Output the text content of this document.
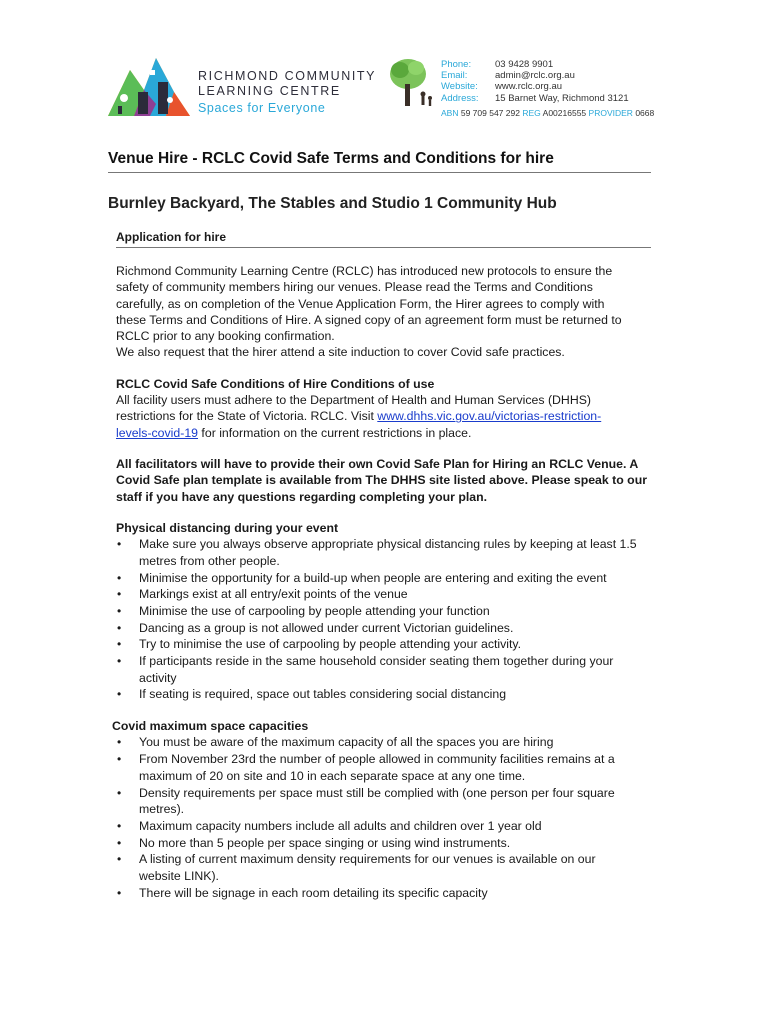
RICHMOND COMMUNITY
LEARNING CENTRE
Spaces for Everyone
Phone:	03 9428 9901
Email:	admin@rclc.org.au
Website:	www.rclc.org.au
Address:	15 Barnet Way, Richmond 3121
ABN 59 709 547 292 REG A00216555 PROVIDER 0668
Venue Hire - RCLC Covid Safe Terms and Conditions for hire
Burnley Backyard, The Stables and Studio 1 Community Hub
Application for hire

Richmond Community Learning Centre (RCLC) has introduced new protocols to ensure the

safety of community members hiring our venues. Please read the Terms and Conditions

carefully, as on completion of the Venue Application Form, the Hirer agrees to comply with

these Terms and Conditions of Hire. A signed copy of an agreement form must be returned to

RCLC prior to any booking confirmation.

We also request that the hirer attend a site induction to cover Covid safe practices.

RCLC Covid Safe Conditions of Hire Conditions of use

All facility users must adhere to the Department of Health and Human Services (DHHS)

restrictions for the State of Victoria. RCLC. Visit www.dhhs.vic.gov.au/victorias-restriction-

levels-covid-19 for information on the current restrictions in place.

All facilitators will have to provide their own Covid Safe Plan for Hiring an RCLC Venue. A

Covid Safe plan template is available from The DHHS site listed above. Please speak to our

staff if you have any questions regarding completing your plan.

Physical distancing during your event

• Make sure you always observe appropriate physical distancing rules by keeping at least 1.5
metres from other people.
• Minimise the opportunity for a build-up when people are entering and exiting the event
• Markings exist at all entry/exit points of the venue
• Minimise the use of carpooling by people attending your function
• Dancing as a group is not allowed under current Victorian guidelines.
• Try to minimise the use of carpooling by people attending your activity.
• If participants reside in the same household consider seating them together during your
activity
• If seating is required, space out tables considering social distancing

Covid maximum space capacities

• You must be aware of the maximum capacity of all the spaces you are hiring
• From November 23rd the number of people allowed in community facilities remains at a
maximum of 20 on site and 10 in each separate space at any one time.
• Density requirements per space must still be complied with (one person per four square
metres).
• Maximum capacity numbers include all adults and children over 1 year old
• No more than 5 people per space singing or using wind instruments.
• A listing of current maximum density requirements for our venues is available on our
website LINK).
• There will be signage in each room detailing its specific capacity
